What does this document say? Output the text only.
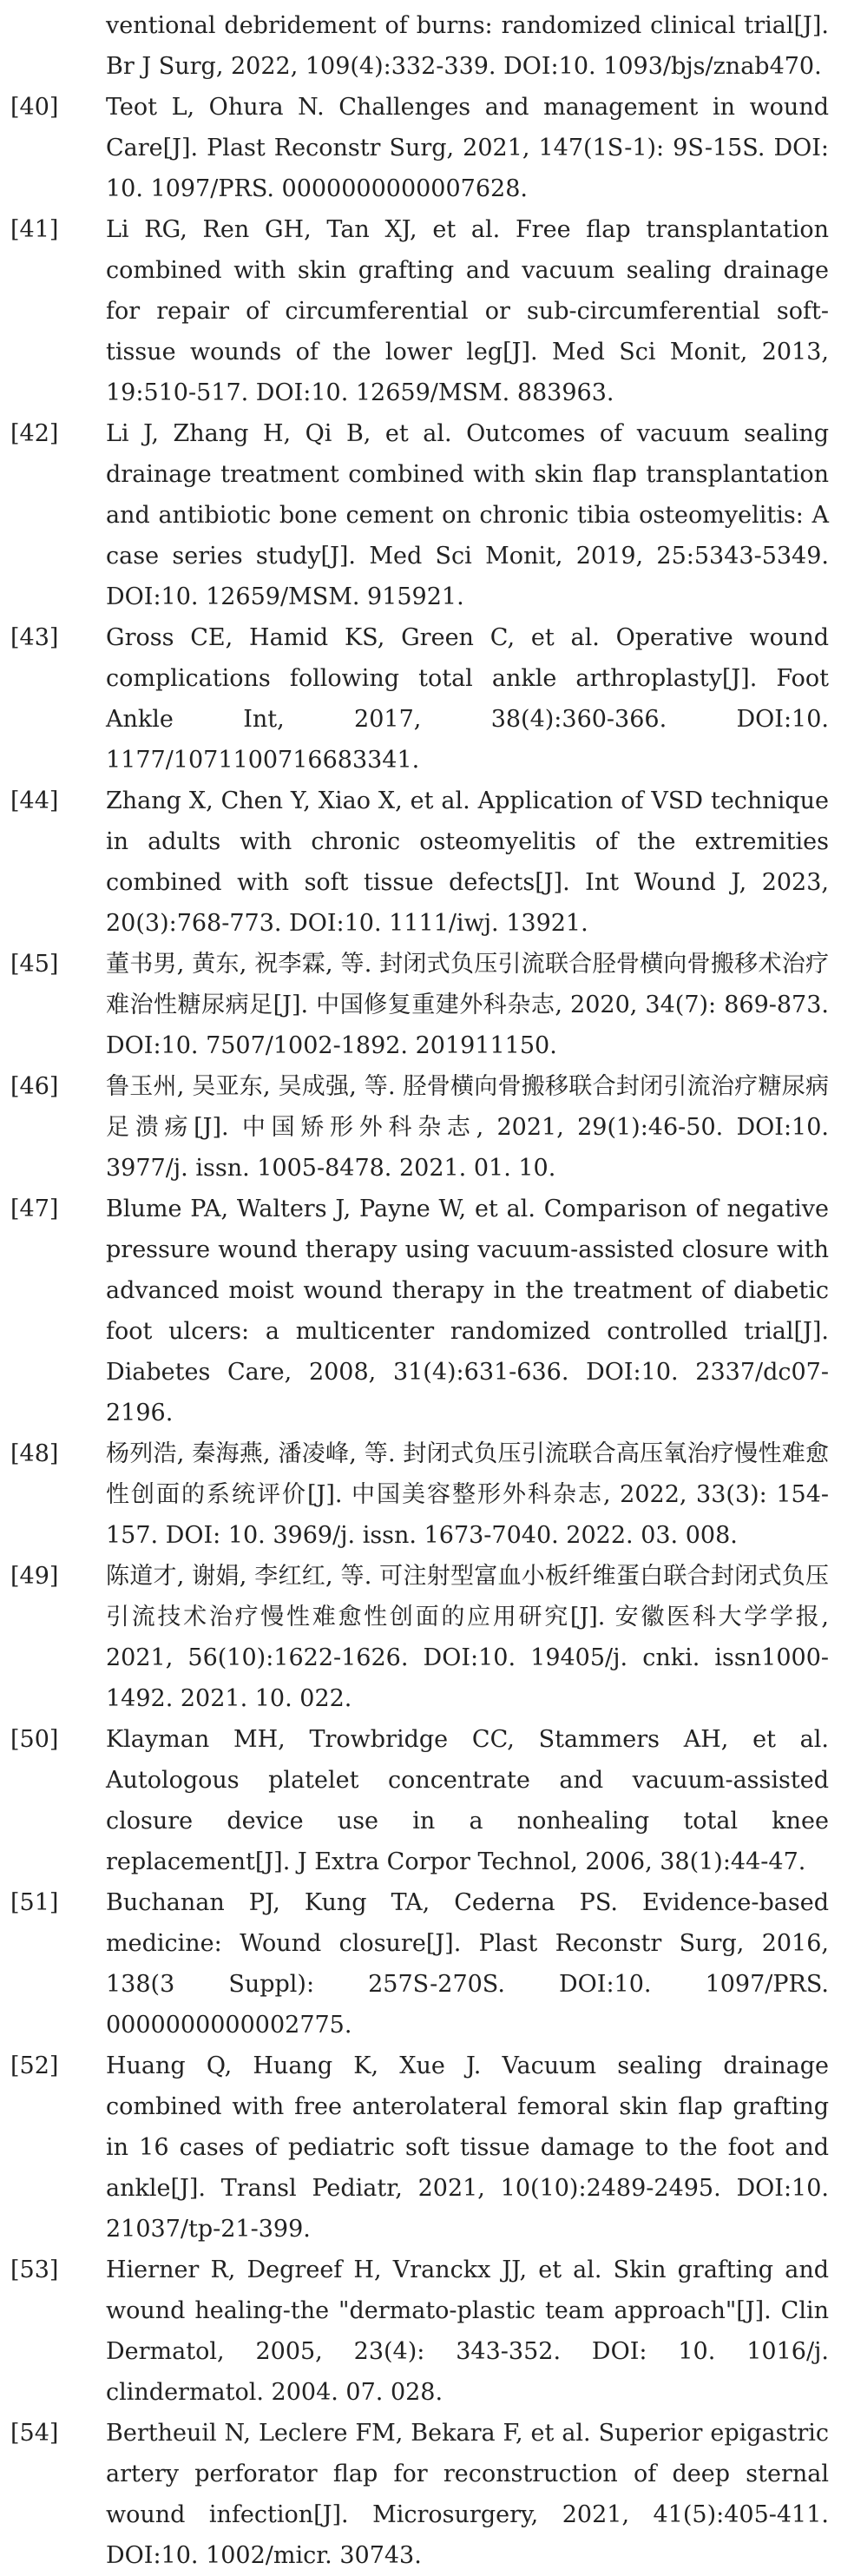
ventional debridement of burns: randomized clinical trial[J]. Br J Surg, 2022, 109(4):332-339. DOI:10. 1093/bjs/znab470.
[40]	Teot L, Ohura N. Challenges and management in wound Care[J]. Plast Reconstr Surg, 2021, 147(1S-1): 9S-15S. DOI: 10. 1097/PRS. 0000000000007628.
[41]	Li RG, Ren GH, Tan XJ, et al. Free flap transplantation combined with skin grafting and vacuum sealing drainage for repair of circumferential or sub-circumferential soft-tissue wounds of the lower leg[J]. Med Sci Monit, 2013, 19:510-517. DOI:10. 12659/MSM. 883963.
[42]	Li J, Zhang H, Qi B, et al. Outcomes of vacuum sealing drainage treatment combined with skin flap transplantation and antibiotic bone cement on chronic tibia osteomyelitis: A case series study[J]. Med Sci Monit, 2019, 25:5343-5349. DOI:10. 12659/MSM. 915921.
[43]	Gross CE, Hamid KS, Green C, et al. Operative wound complications following total ankle arthroplasty[J]. Foot Ankle Int, 2017, 38(4):360-366. DOI:10. 1177/1071100716683341.
[44]	Zhang X, Chen Y, Xiao X, et al. Application of VSD technique in adults with chronic osteomyelitis of the extremities combined with soft tissue defects[J]. Int Wound J, 2023, 20(3):768-773. DOI:10. 1111/iwj. 13921.
[45]	董书男, 黄东, 祝李霖, 等. 封闭式负压引流联合胫骨横向骨搬移术治疗难治性糖尿病足[J]. 中国修复重建外科杂志, 2020, 34(7): 869-873. DOI:10. 7507/1002-1892. 201911150.
[46]	鲁玉州, 吴亚东, 吴成强, 等. 胫骨横向骨搬移联合封闭引流治疗糖尿病足溃疡[J]. 中国矫形外科杂志, 2021, 29(1):46-50. DOI:10. 3977/j. issn. 1005-8478. 2021. 01. 10.
[47]	Blume PA, Walters J, Payne W, et al. Comparison of negative pressure wound therapy using vacuum-assisted closure with advanced moist wound therapy in the treatment of diabetic foot ulcers: a multicenter randomized controlled trial[J]. Diabetes Care, 2008, 31(4):631-636. DOI:10. 2337/dc07-2196.
[48]	杨列浩, 秦海燕, 潘凌峰, 等. 封闭式负压引流联合高压氧治疗慢性难愈性创面的系统评价[J]. 中国美容整形外科杂志, 2022, 33(3): 154-157. DOI: 10. 3969/j. issn. 1673-7040. 2022. 03. 008.
[49]	陈道才, 谢娟, 李红红, 等. 可注射型富血小板纤维蛋白联合封闭式负压引流技术治疗慢性难愈性创面的应用研究[J]. 安徽医科大学学报, 2021, 56(10):1622-1626. DOI:10. 19405/j. cnki. issn1000-1492. 2021. 10. 022.
[50]	Klayman MH, Trowbridge CC, Stammers AH, et al. Autologous platelet concentrate and vacuum-assisted closure device use in a nonhealing total knee replacement[J]. J Extra Corpor Technol, 2006, 38(1):44-47.
[51]	Buchanan PJ, Kung TA, Cederna PS. Evidence-based medicine: Wound closure[J]. Plast Reconstr Surg, 2016, 138(3 Suppl): 257S-270S. DOI:10. 1097/PRS. 0000000000002775.
[52]	Huang Q, Huang K, Xue J. Vacuum sealing drainage combined with free anterolateral femoral skin flap grafting in 16 cases of pediatric soft tissue damage to the foot and ankle[J]. Transl Pediatr, 2021, 10(10):2489-2495. DOI:10. 21037/tp-21-399.
[53]	Hierner R, Degreef H, Vranckx JJ, et al. Skin grafting and wound healing-the "dermato-plastic team approach"[J]. Clin Dermatol, 2005, 23(4): 343-352. DOI: 10. 1016/j. clindermatol. 2004. 07. 028.
[54]	Bertheuil N, Leclere FM, Bekara F, et al. Superior epigastric artery perforator flap for reconstruction of deep sternal wound infection[J]. Microsurgery, 2021, 41(5):405-411. DOI:10. 1002/micr. 30743.
